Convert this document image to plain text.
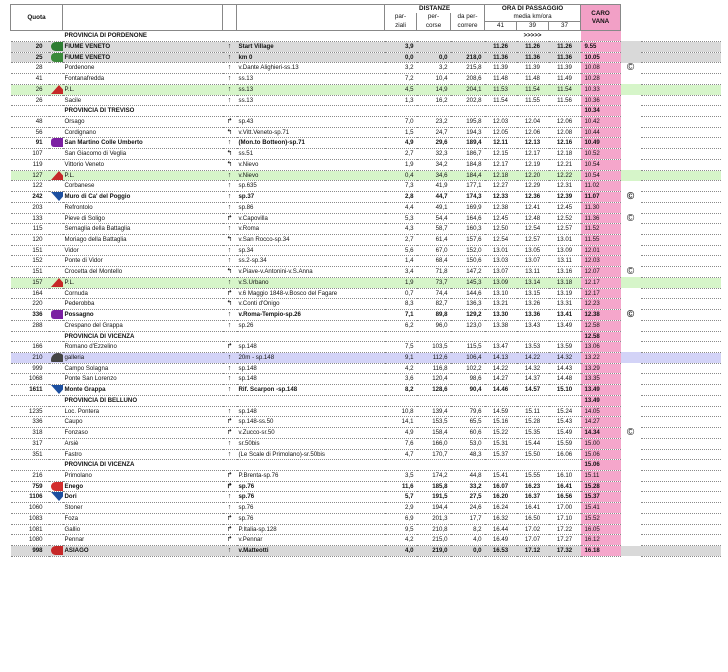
Quota					DISTANZE			ORA DI PASSAGGIO			CARO VANA		
					par-	per-	da per-	media km/ora					
					ziali	corse	correre	41	39	37			
		PROVINCIA DI PORDENONE						>>>>>					
20		FIUME VENETO	↑	Start Village	3,9			11.26	11.26	11.26	9.55		
25		FIUME VENETO	↑	km 0	0,0	0,0	218,0	11.36	11.36	11.36	10.05		
28		Pordenone	↑	v.Dante Alighieri-ss.13	3,2	3,2	215,8	11.39	11.39	11.39	10.08	©	
41		Fontanafredda	↑	ss.13	7,2	10,4	208,6	11.48	11.48	11.49	10.28		
26		P.L.	↑	ss.13	4,5	14,9	204,1	11.53	11.54	11.54	10.33		
26		Sacile	↑	ss.13	1,3	16,2	202,8	11.54	11.55	11.56	10.36		
		PROVINCIA DI TREVISO									10.34		
48		Orsago	↱	sp.43	7,0	23,2	195,8	12.03	12.04	12.06	10.42		
56		Cordignano	↰	v.Vitt.Veneto-sp.71	1,5	24,7	194,3	12.05	12.06	12.08	10.44		
91		San Martino Colle Umberto	↑	(Mon.to Botteon)-sp.71	4,9	29,6	189,4	12.11	12.13	12.16	10.49		
107		San Giacomo di Veglia	↰	ss.51	2,7	32,3	186,7	12.15	12.17	12.18	10.52		
119		Vittorio Veneto	↰	v.Nievo	1,9	34,2	184,8	12.17	12.19	12.21	10.54		
127		P.L.	↑	v.Nievo	0,4	34,6	184,4	12.18	12.20	12.22	10.54		
122		Corbanese	↑	sp.635	7,3	41,9	177,1	12.27	12.29	12.31	11.02		
242		Muro di Ca' del Poggio	↑	sp.37	2,8	44,7	174,3	12.33	12.36	12.39	11.07	©	
203		Refrontolo	↑	sp.86	4,4	49,1	169,9	12.38	12.41	12.45	11.30		
133		Pieve di Soligo	↱	v.Capovilla	5,3	54,4	164,6	12.45	12.48	12.52	11.36	©	
115		Sernaglia della Battaglia	↑	v.Roma	4,3	58,7	160,3	12.50	12.54	12.57	11.52		
120		Moriago della Battaglia	↰	v.San Rocco-sp.34	2,7	61,4	157,6	12.54	12.57	13.01	11.55		
151		Vidor	↑	sp.34	5,6	67,0	152,0	13.01	13.05	13.09	12.01		
152		Ponte di Vidor	↑	ss.2-sp.34	1,4	68,4	150,6	13.03	13.07	13.11	12.03		
151		Crocetta del Montello	↰	v.Piave-v.Antonini-v.S.Anna	3,4	71,8	147,2	13.07	13.11	13.16	12.07	©	
157		P.L.	↑	v.S.Urbano	1,9	73,7	145,3	13.09	13.14	13.18	12.17		
164		Cornuda	↱	v.6 Maggio 1848-v.Bosco del Fagare	0,7	74,4	144,6	13.10	13.15	13.19	12.17		
220		Pederobba	↰	v.Conti d'Onigo	8,3	82,7	136,3	13.21	13.26	13.31	12.23		
336		Possagno	↑	v.Roma-Tempio-sp.26	7,1	89,8	129,2	13.30	13.36	13.41	12.38	©	
288		Crespano del Grappa	↑	sp.26	6,2	96,0	123,0	13.38	13.43	13.49	12.58		
		PROVINCIA DI VICENZA									12.58		
166		Romano d'Ezzelino	↱	sp.148	7,5	103,5	115,5	13.47	13.53	13.59	13.06		
210		galleria	↑	20m - sp.148	9,1	112,6	106,4	14.13	14.22	14.32	13.22		
999		Campo Solagna	↑	sp.148	4,2	116,8	102,2	14.22	14.32	14.43	13.29		
1068		Ponte San Lorenzo	↑	sp.148	3,6	120,4	98,6	14.27	14.37	14.48	13.35		
1611		Monte Grappa	↑	Rif. Scarpon -sp.148	8,2	128,6	90,4	14.46	14.57	15.10	13.49		
		PROVINCIA DI BELLUNO									13.49		
1235		Loc. Pontera	↑	sp.148	10,8	139,4	79,6	14.59	15.11	15.24	14.05		
336		Caupo	↱	sp.148-ss.50	14,1	153,5	65,5	15.16	15.28	15.43	14.27		
318		Fonzaso	↱	v.Zucco-sr.50	4,9	158,4	60,6	15.22	15.35	15.49	14.34	©	
317		Arsiè	↑	sr.50bis	7,6	166,0	53,0	15.31	15.44	15.59	15.00		
351		Fastro	↑	(Le Scale di Primolano)-sr.50bis	4,7	170,7	48,3	15.37	15.50	16.06	15.06		
		PROVINCIA DI VICENZA									15.06		
216		Primolano	↱	P.Brenta-sp.76	3,5	174,2	44,8	15.41	15.55	16.10	15.11		
759		Enego	↱	sp.76	11,6	185,8	33,2	16.07	16.23	16.41	15.28		
1106		Dori	↑	sp.76	5,7	191,5	27,5	16.20	16.37	16.56	15.37		
1060		Stoner	↑	sp.76	2,9	194,4	24,6	16.24	16.41	17.00	15.41		
1083		Foza	↱	sp.76	6,9	201,3	17,7	16.32	16.50	17.10	15.52		
1081		Gallio	↱	P.Italia-sp.128	9,5	210,8	8,2	16.44	17.02	17.22	16.05		
1080		Pennar	↱	v.Pennar	4,2	215,0	4,0	16.49	17.07	17.27	16.12		
998		ASIAGO	↑	v.Matteotti	4,0	219,0	0,0	16.53	17.12	17.32	16.18		
